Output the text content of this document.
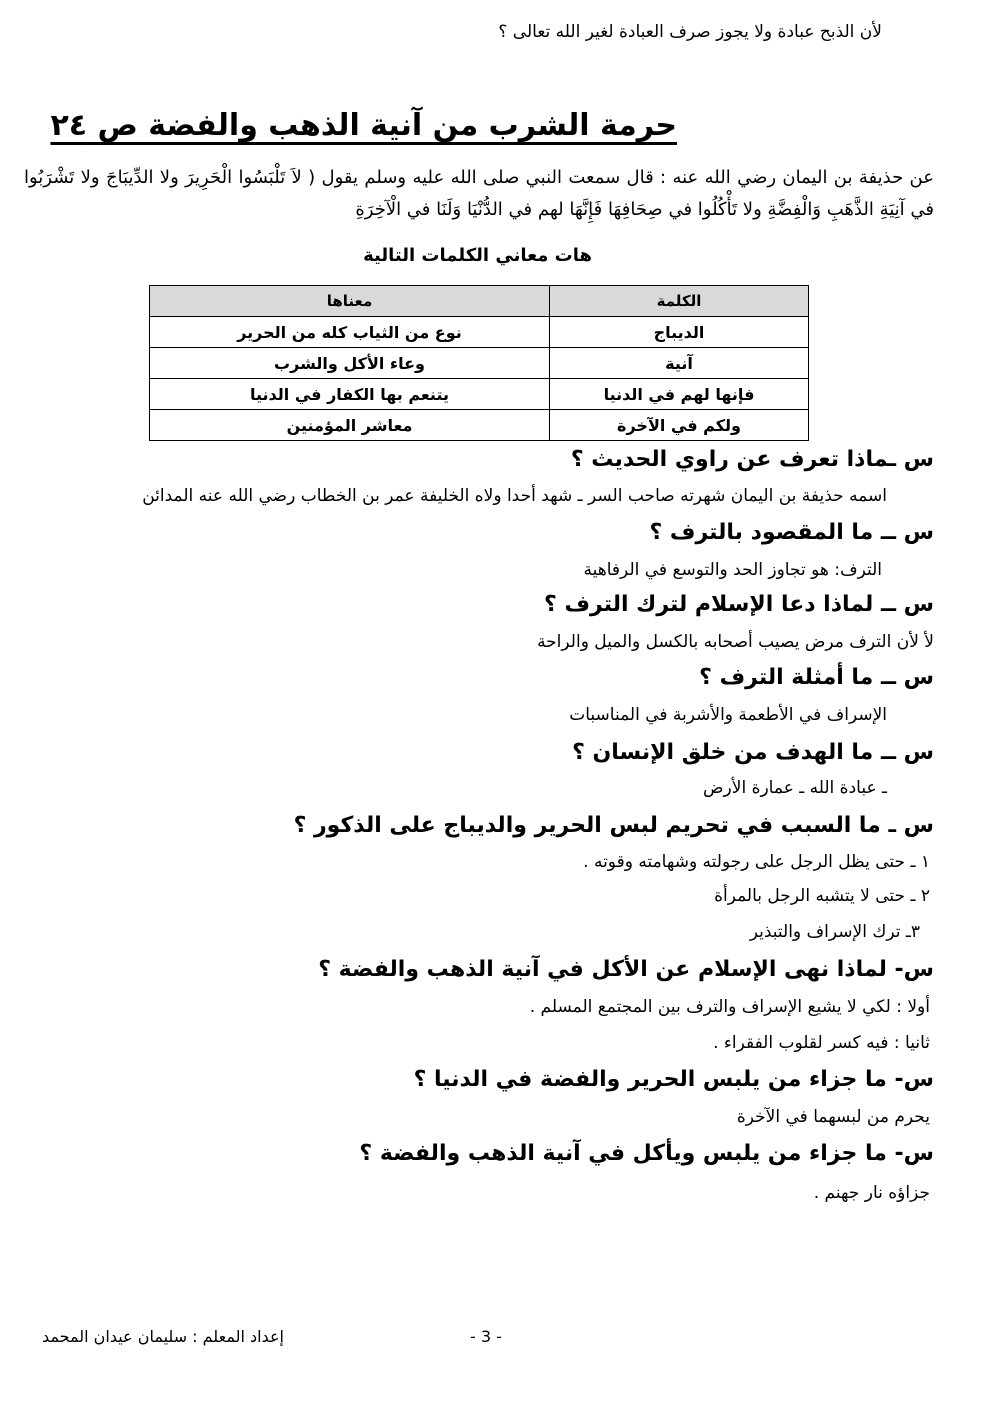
لأن الذبح عبادة ولا يجوز صرف العبادة لغير الله تعالى ؟
حرمة الشرب من آنية الذهب والفضة ص ٢٤
عن حذيفة بن اليمان رضي الله عنه : قال سمعت النبي صلى الله عليه وسلم يقول ( لاَ تَلْبَسُوا الْحَرِيرَ ولا الدِّيبَاجَ ولا تَشْرَبُوا في آنِيَةِ الذَّهَبِ وَالْفِضَّةِ ولا تَأْكُلُوا في صِحَافِهَا فَإِنَّهَا لهم في الدُّنْيَا وَلَنَا في الْآخِرَةِ
هات معاني الكلمات التالية
الكلمة	معناها
الديباج	نوع من الثياب كله من الحرير
آنية	وعاء الأكل والشرب
فإنها لهم في الدنيا	يتنعم بها الكفار في الدنيا
ولكم في الآخرة	معاشر المؤمنين
س ـماذا تعرف عن راوي الحديث ؟
اسمه حذيفة بن اليمان شهرته صاحب السر ـ شهد أحدا ولاه الخليفة عمر بن الخطاب رضي الله عنه المدائن
س ــ ما المقصود بالترف ؟
الترف: هو تجاوز الحد والتوسع في الرفاهية
س ــ لماذا دعا الإسلام لترك الترف ؟
لأ لأن الترف مرض يصيب أصحابه بالكسل والميل والراحة
س ــ ما أمثلة الترف ؟
الإسراف في الأطعمة والأشربة في المناسبات
س ــ ما الهدف من خلق الإنسان ؟
ـ عبادة الله ـ عمارة الأرض
س ـ ما السبب في تحريم لبس الحرير والديباج على الذكور ؟
١ ـ حتى يظل الرجل على رجولته وشهامته وقوته .
٢ ـ حتى لا يتشبه الرجل بالمرأة
٣ـ ترك الإسراف والتبذير
س- لماذا نهى الإسلام عن الأكل في آنية الذهب والفضة ؟
أولا : لكي لا يشيع الإسراف والترف بين المجتمع المسلم .
ثانيا : فيه كسر لقلوب الفقراء .
س- ما جزاء من يلبس الحرير والفضة في الدنيا ؟
يحرم من لبسهما في الآخرة
س- ما جزاء من يلبس ويأكل في آنية الذهب والفضة ؟
جزاؤه نار جهنم .
- 3 -
إعداد المعلم : سليمان عيدان المحمد
